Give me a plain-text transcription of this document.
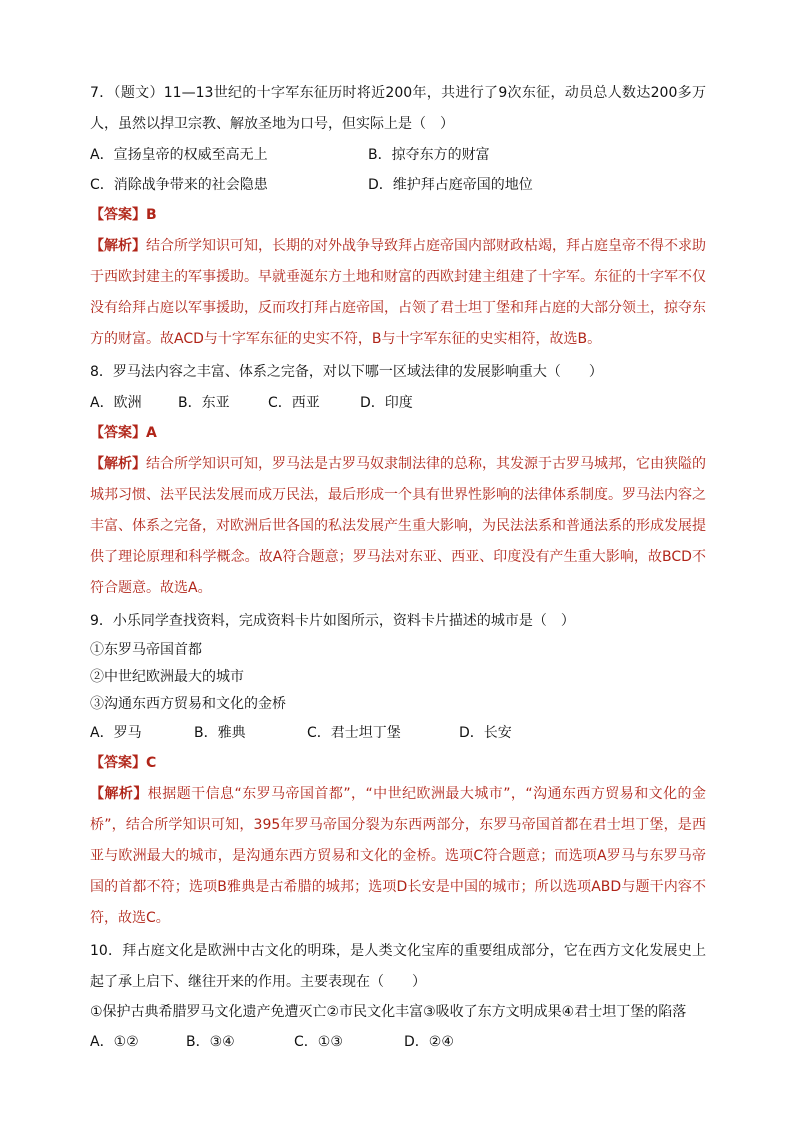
7．（题文）11—13世纪的十字军东征历时将近200年，共进行了9次东征，动员总人数达200多万人，虽然以捍卫宗教、解放圣地为口号，但实际上是（　）

A．宣扬皇帝的权威至高无上	B．掠夺东方的财富
C．消除战争带来的社会隐患	D．维护拜占庭帝国的地位

【答案】B

【解析】结合所学知识可知，长期的对外战争导致拜占庭帝国内部财政枯竭，拜占庭皇帝不得不求助于西欧封建主的军事援助。早就垂涎东方土地和财富的西欧封建主组建了十字军。东征的十字军不仅没有给拜占庭以军事援助，反而攻打拜占庭帝国，占领了君士坦丁堡和拜占庭的大部分领土，掠夺东方的财富。故ACD与十字军东征的史实不符，B与十字军东征的史实相符，故选B。

8．罗马法内容之丰富、体系之完备，对以下哪一区域法律的发展影响重大（　　）

A．欧洲	B．东亚	C．西亚	D．印度

【答案】A

【解析】结合所学知识可知，罗马法是古罗马奴隶制法律的总称，其发源于古罗马城邦，它由狭隘的城邦习惯、法平民法发展而成万民法，最后形成一个具有世界性影响的法律体系制度。罗马法内容之丰富、体系之完备，对欧洲后世各国的私法发展产生重大影响，为民法法系和普通法系的形成发展提供了理论原理和科学概念。故A符合题意；罗马法对东亚、西亚、印度没有产生重大影响，故BCD不符合题意。故选A。

9．小乐同学查找资料，完成资料卡片如图所示，资料卡片描述的城市是（　）

①东罗马帝国首都

②中世纪欧洲最大的城市

③沟通东西方贸易和文化的金桥

A．罗马	B．雅典	C．君士坦丁堡	D．长安

【答案】C

【解析】根据题干信息“东罗马帝国首都”，“中世纪欧洲最大城市”，“沟通东西方贸易和文化的金桥”，结合所学知识可知，395年罗马帝国分裂为东西两部分，东罗马帝国首都在君士坦丁堡，是西亚与欧洲最大的城市，是沟通东西方贸易和文化的金桥。选项C符合题意；而选项A罗马与东罗马帝国的首都不符；选项B雅典是古希腊的城邦；选项D长安是中国的城市；所以选项ABD与题干内容不符，故选C。

10．拜占庭文化是欧洲中古文化的明珠，是人类文化宝库的重要组成部分，它在西方文化发展史上起了承上启下、继往开来的作用。主要表现在（　　）

①保护古典希腊罗马文化遗产免遭灭亡②市民文化丰富③吸收了东方文明成果④君士坦丁堡的陷落

A．①②	B．③④	C．①③	D．②④
